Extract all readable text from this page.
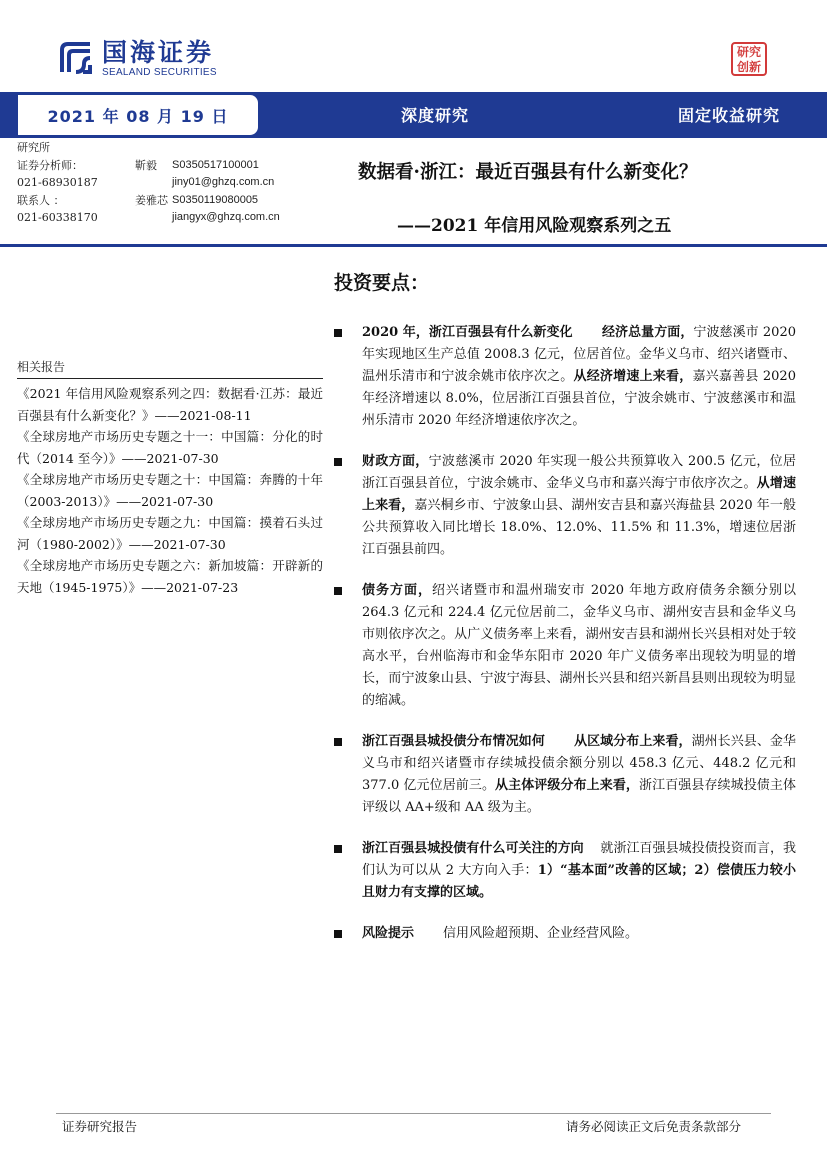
国海证券
SEALAND SECURITIES
研究
创新
2021 年 08 月 19 日	深度研究	固定收益研究
研究所
证券分析师：	靳毅	S0350517100001
021-68930187	jiny01@ghzq.com.cn
联系人 ：	姜雅芯 S0350119080005
021-60338170	jiangyx@ghzq.com.cn
数据看·浙江：最近百强县有什么新变化？
——2021 年信用风险观察系列之五
投资要点：
相关报告
《2021 年信用风险观察系列之四：数据看·江苏：最近百强县有什么新变化？》——2021-08-11
《全球房地产市场历史专题之十一：中国篇：分化的时代（2014 至今）》——2021-07-30
《全球房地产市场历史专题之十：中国篇：奔腾的十年（2003-2013）》——2021-07-30
《全球房地产市场历史专题之九：中国篇：摸着石头过河（1980-2002）》——2021-07-30
《全球房地产市场历史专题之六：新加坡篇：开辟新的天地（1945-1975）》——2021-07-23
2020 年，浙江百强县有什么新变化 经济总量方面，宁波慈溪市 2020 年实现地区生产总值 2008.3 亿元，位居首位。金华义乌市、绍兴诸暨市、温州乐清市和宁波余姚市依序次之。从经济增速上来看，嘉兴嘉善县 2020 年经济增速以 8.0%，位居浙江百强县首位，宁波余姚市、宁波慈溪市和温州乐清市 2020 年经济增速依序次之。
财政方面，宁波慈溪市 2020 年实现一般公共预算收入 200.5 亿元，位居浙江百强县首位，宁波余姚市、金华义乌市和嘉兴海宁市依序次之。从增速上来看，嘉兴桐乡市、宁波象山县、湖州安吉县和嘉兴海盐县 2020 年一般公共预算收入同比增长 18.0%、12.0%、11.5% 和 11.3%，增速位居浙江百强县前四。
债务方面，绍兴诸暨市和温州瑞安市 2020 年地方政府债务余额分别以 264.3 亿元和 224.4 亿元位居前二，金华义乌市、湖州安吉县和金华义乌市则依序次之。从广义债务率上来看，湖州安吉县和湖州长兴县相对处于较高水平，台州临海市和金华东阳市 2020 年广义债务率出现较为明显的增长，而宁波象山县、宁波宁海县、湖州长兴县和绍兴新昌县则出现较为明显的缩减。
浙江百强县城投债分布情况如何 从区域分布上来看，湖州长兴县、金华义乌市和绍兴诸暨市存续城投债余额分别以 458.3 亿元、448.2 亿元和 377.0 亿元位居前三。从主体评级分布上来看，浙江百强县存续城投债主体评级以 AA+级和 AA 级为主。
浙江百强县城投债有什么可关注的方向 就浙江百强县城投债投资而言，我们认为可以从 2 大方向入手：1）“基本面”改善的区域；2）偿债压力较小且财力有支撑的区域。
风险提示 信用风险超预期、企业经营风险。
证券研究报告	请务必阅读正文后免责条款部分
